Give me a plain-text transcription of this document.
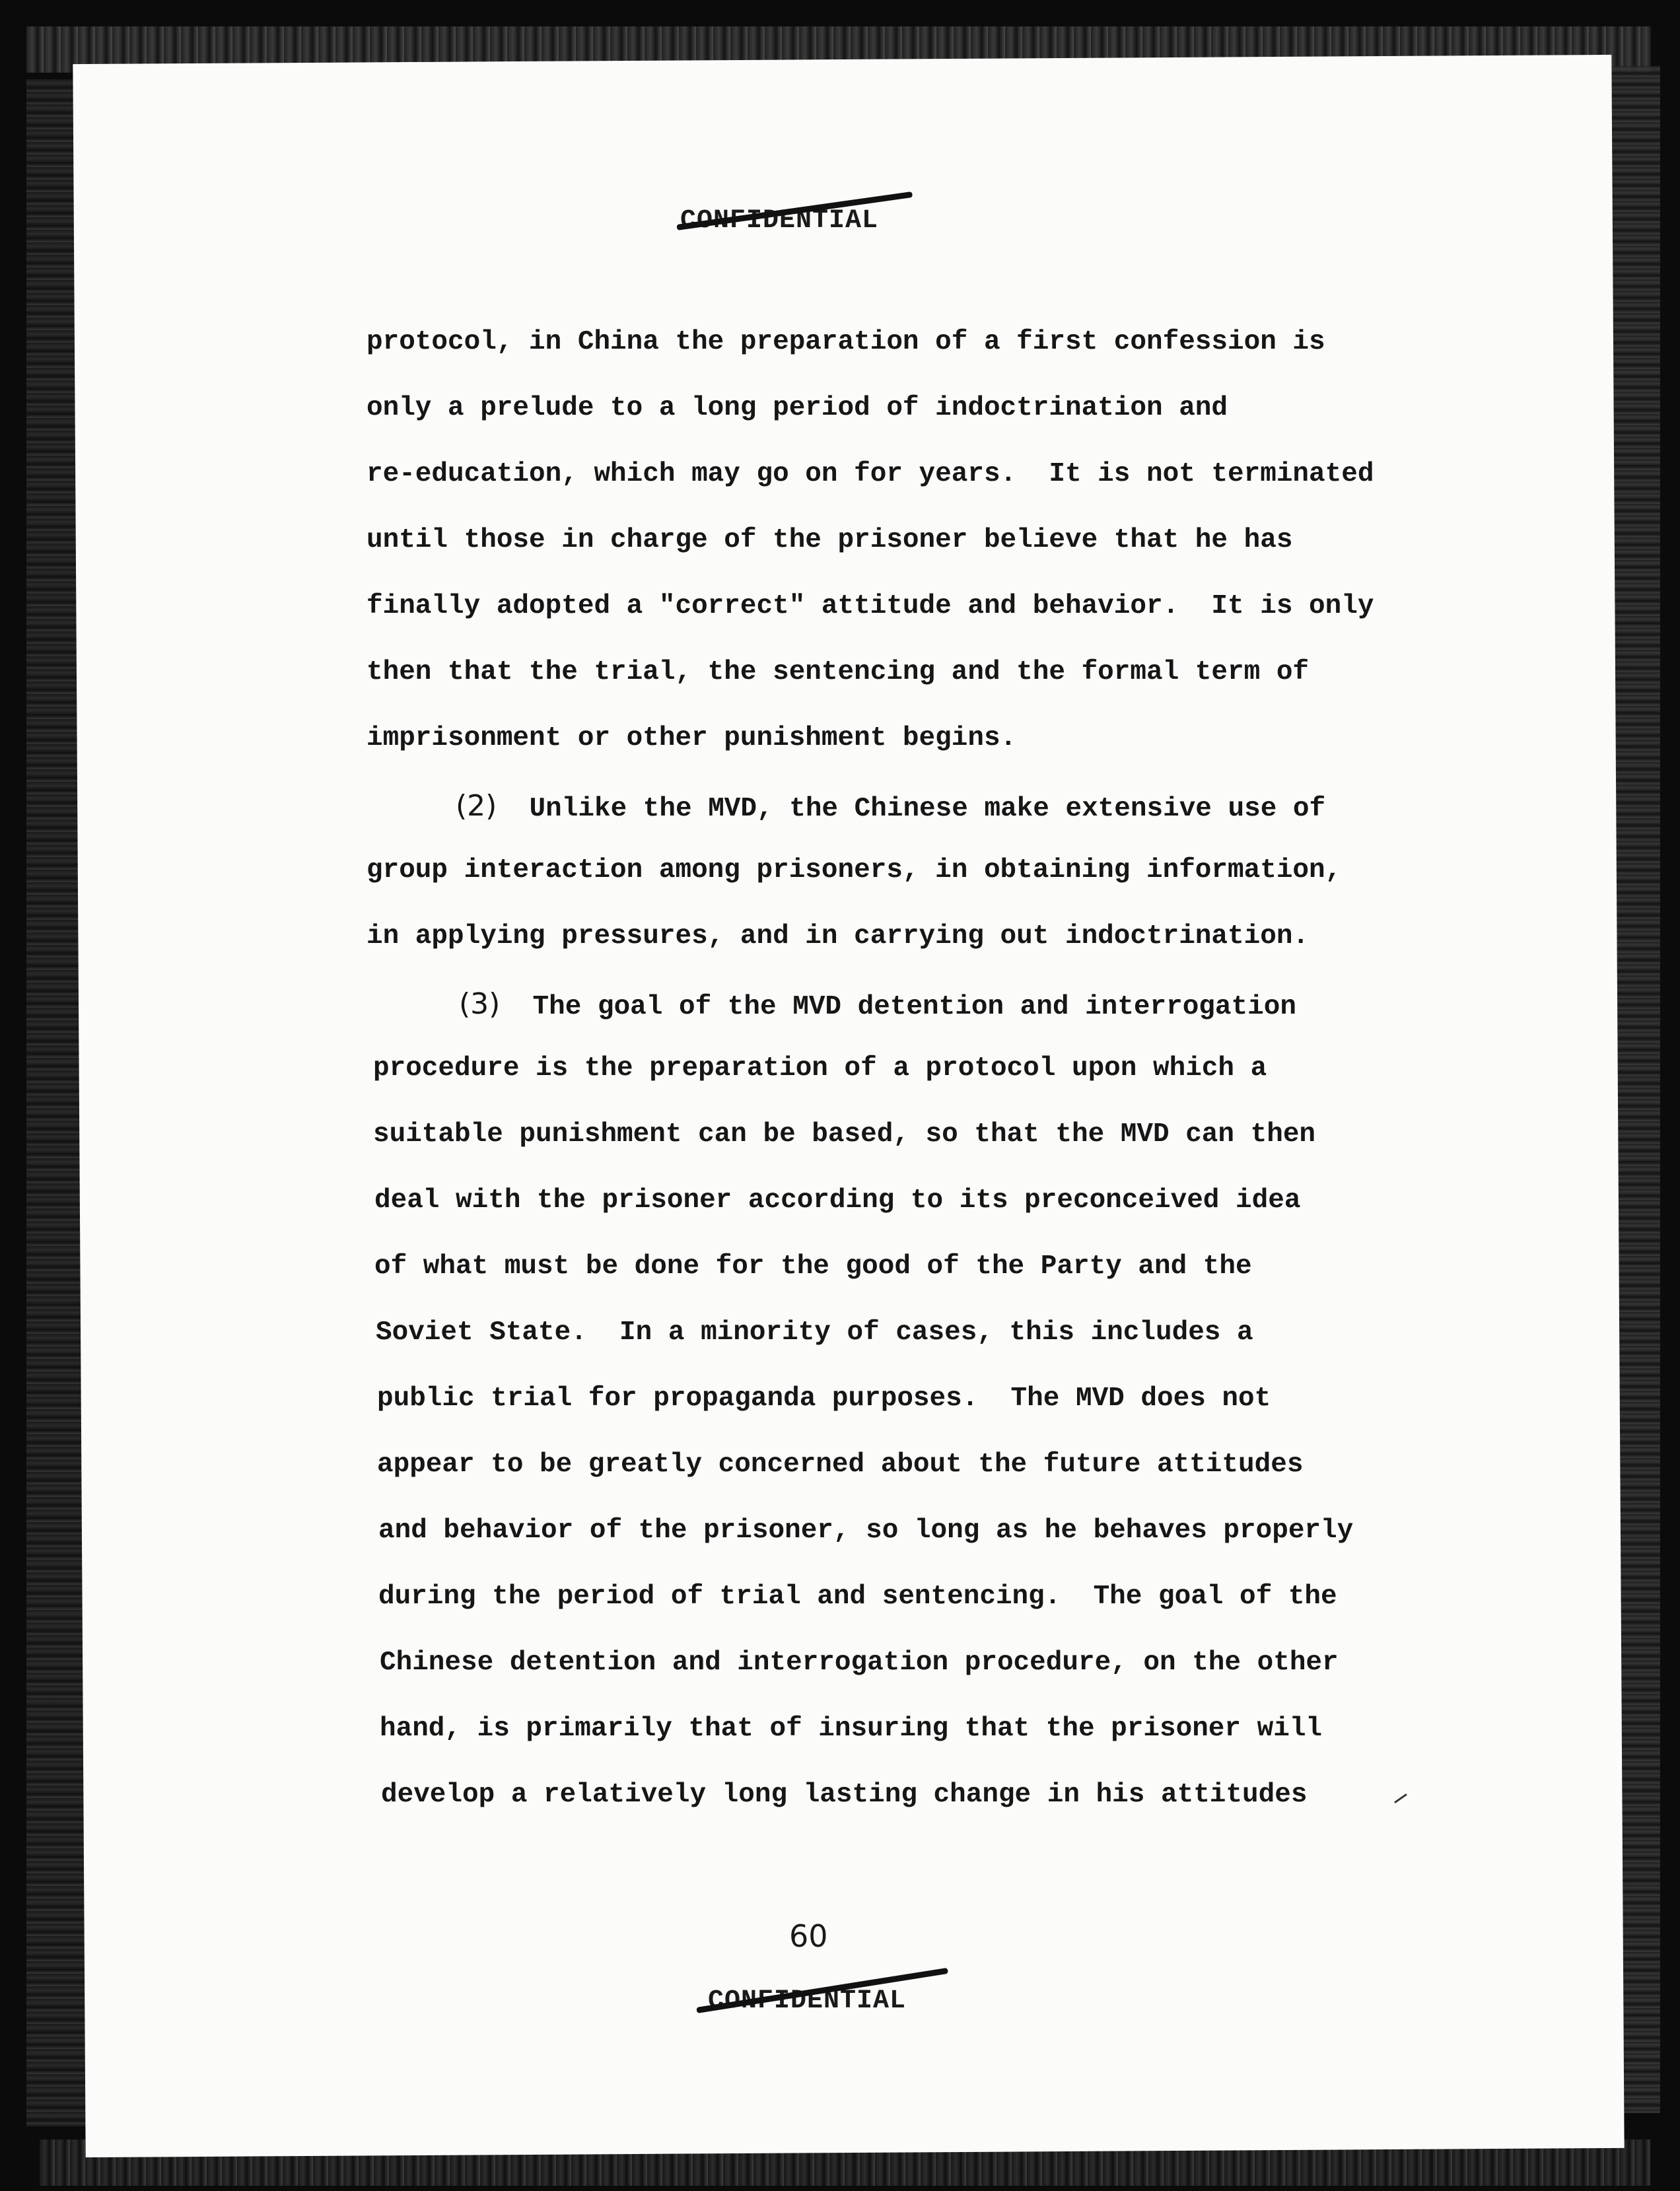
CONFIDENTIAL
protocol, in China the preparation of a first confession is
only a prelude to a long period of indoctrination and
re-education, which may go on for years.  It is not terminated
until those in charge of the prisoner believe that he has
finally adopted a "correct" attitude and behavior.  It is only
then that the trial, the sentencing and the formal term of
imprisonment or other punishment begins.
(2) Unlike the MVD, the Chinese make extensive use of
group interaction among prisoners, in obtaining information,
in applying pressures, and in carrying out indoctrination.
(3) The goal of the MVD detention and interrogation
procedure is the preparation of a protocol upon which a
suitable punishment can be based, so that the MVD can then
deal with the prisoner according to its preconceived idea
of what must be done for the good of the Party and the
Soviet State.  In a minority of cases, this includes a
public trial for propaganda purposes.  The MVD does not
appear to be greatly concerned about the future attitudes
and behavior of the prisoner, so long as he behaves properly
during the period of trial and sentencing.  The goal of the
Chinese detention and interrogation procedure, on the other
hand, is primarily that of insuring that the prisoner will
develop a relatively long lasting change in his attitudes
60
CONFIDENTIAL
